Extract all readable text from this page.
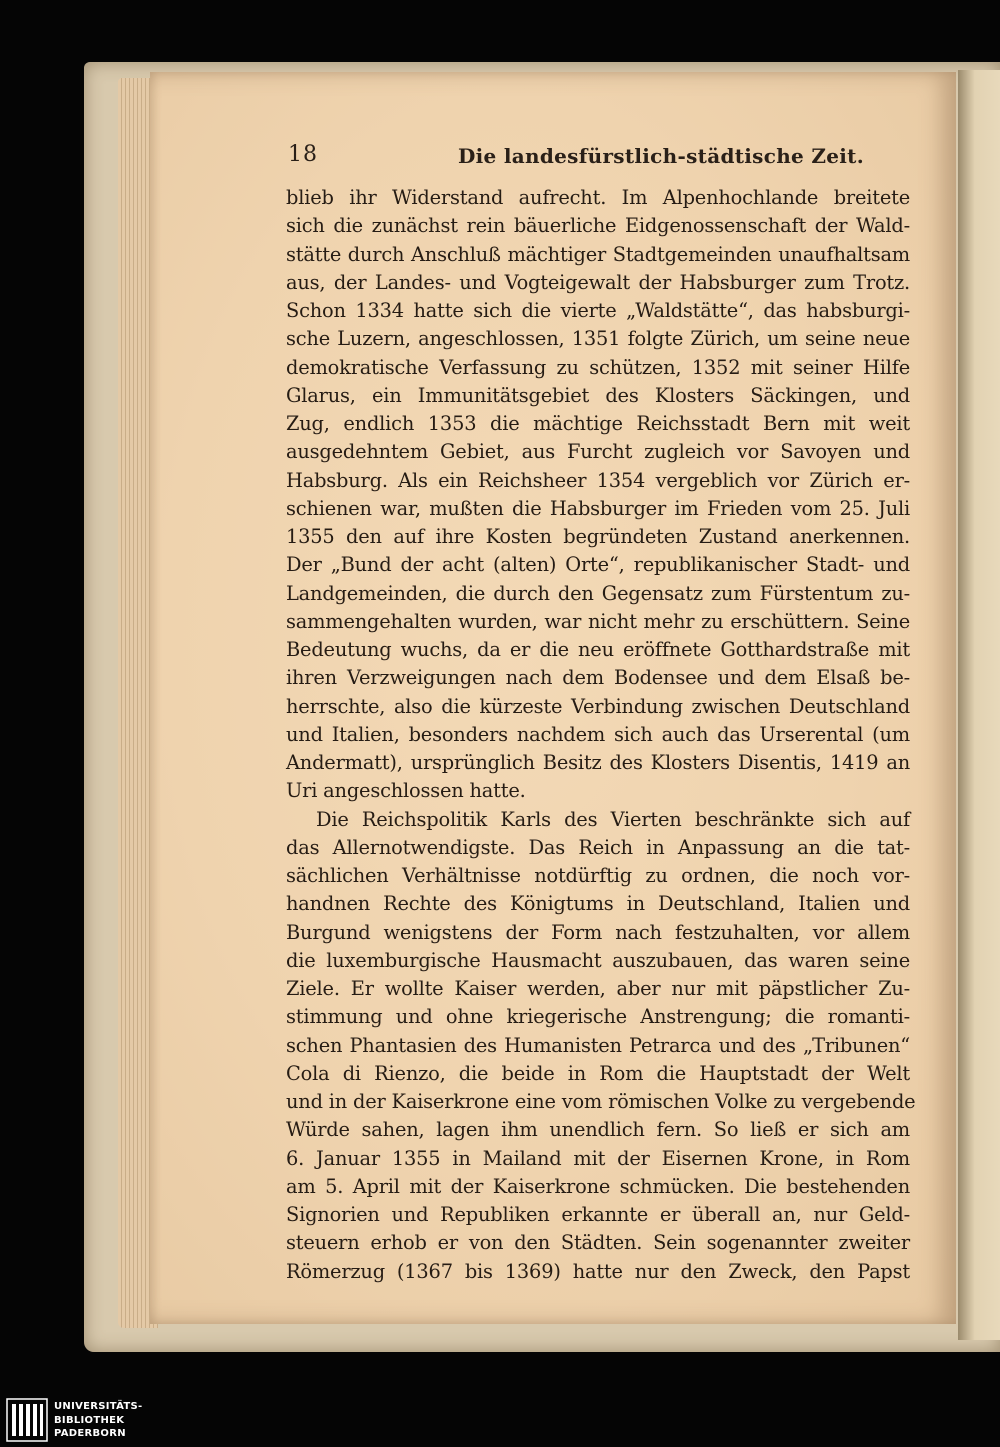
18	Die landesfürstlich-städtische Zeit.
blieb ihr Widerstand aufrecht. Im Alpenhochlande breitete
sich die zunächst rein bäuerliche Eidgenossenschaft der Wald-
stätte durch Anschluß mächtiger Stadtgemeinden unaufhaltsam
aus, der Landes- und Vogteigewalt der Habsburger zum Trotz.
Schon 1334 hatte sich die vierte „Waldstätte“, das habsburgi-
sche Luzern, angeschlossen, 1351 folgte Zürich, um seine neue
demokratische Verfassung zu schützen, 1352 mit seiner Hilfe
Glarus, ein Immunitätsgebiet des Klosters Säckingen, und
Zug, endlich 1353 die mächtige Reichsstadt Bern mit weit
ausgedehntem Gebiet, aus Furcht zugleich vor Savoyen und
Habsburg. Als ein Reichsheer 1354 vergeblich vor Zürich er-
schienen war, mußten die Habsburger im Frieden vom 25. Juli
1355 den auf ihre Kosten begründeten Zustand anerkennen.
Der „Bund der acht (alten) Orte“, republikanischer Stadt- und
Landgemeinden, die durch den Gegensatz zum Fürstentum zu-
sammengehalten wurden, war nicht mehr zu erschüttern. Seine
Bedeutung wuchs, da er die neu eröffnete Gotthardstraße mit
ihren Verzweigungen nach dem Bodensee und dem Elsaß be-
herrschte, also die kürzeste Verbindung zwischen Deutschland
und Italien, besonders nachdem sich auch das Urserental (um
Andermatt), ursprünglich Besitz des Klosters Disentis, 1419 an
Uri angeschlossen hatte.
Die Reichspolitik Karls des Vierten beschränkte sich auf
das Allernotwendigste. Das Reich in Anpassung an die tat-
sächlichen Verhältnisse notdürftig zu ordnen, die noch vor-
handnen Rechte des Königtums in Deutschland, Italien und
Burgund wenigstens der Form nach festzuhalten, vor allem
die luxemburgische Hausmacht auszubauen, das waren seine
Ziele. Er wollte Kaiser werden, aber nur mit päpstlicher Zu-
stimmung und ohne kriegerische Anstrengung; die romanti-
schen Phantasien des Humanisten Petrarca und des „Tribunen“
Cola di Rienzo, die beide in Rom die Hauptstadt der Welt
und in der Kaiserkrone eine vom römischen Volke zu vergebende
Würde sahen, lagen ihm unendlich fern. So ließ er sich am
6. Januar 1355 in Mailand mit der Eisernen Krone, in Rom
am 5. April mit der Kaiserkrone schmücken. Die bestehenden
Signorien und Republiken erkannte er überall an, nur Geld-
steuern erhob er von den Städten. Sein sogenannter zweiter
Römerzug (1367 bis 1369) hatte nur den Zweck, den Papst
UNIVERSITÄTS-
BIBLIOTHEK
PADERBORN
